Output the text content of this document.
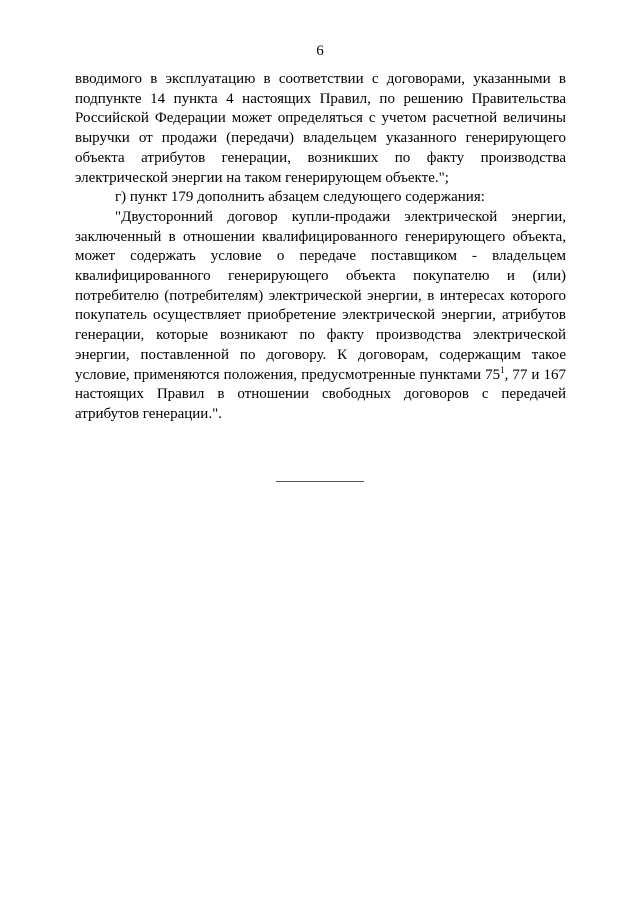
6

вводимого в эксплуатацию в соответствии с договорами, указанными в подпункте 14 пункта 4 настоящих Правил, по решению Правительства Российской Федерации может определяться с учетом расчетной величины выручки от продажи (передачи) владельцем указанного генерирующего объекта атрибутов генерации, возникших по факту производства электрической энергии на таком генерирующем объекте.";

г) пункт 179 дополнить абзацем следующего содержания:

"Двусторонний договор купли-продажи электрической энергии, заключенный в отношении квалифицированного генерирующего объекта, может содержать условие о передаче поставщиком - владельцем квалифицированного генерирующего объекта покупателю и (или) потребителю (потребителям) электрической энергии, в интересах которого покупатель осуществляет приобретение электрической энергии, атрибутов генерации, которые возникают по факту производства электрической энергии, поставленной по договору. К договорам, содержащим такое условие, применяются положения, предусмотренные пунктами $75^1$, 77 и 167 настоящих Правил в отношении свободных договоров с передачей атрибутов генерации.".
